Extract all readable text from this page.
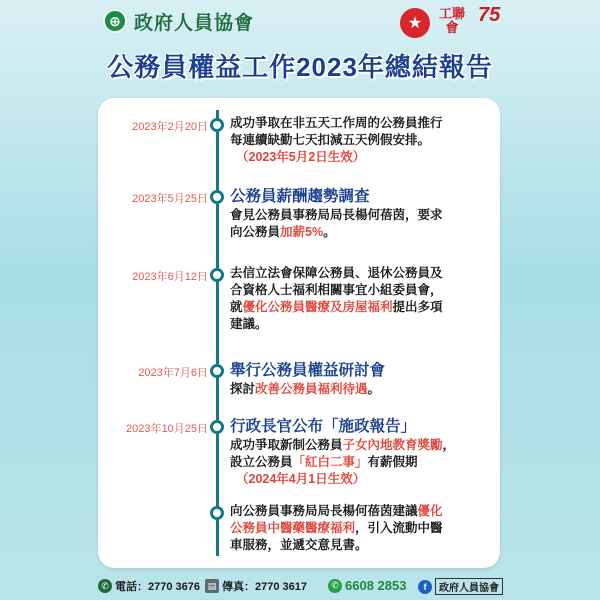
⊕ 政府人員協會	★
工聯會
75
公務員權益工作2023年總結報告
2023年2月20日 成功爭取在非五天工作周的公務員推行
每連續缺勤七天扣減五天例假安排。
（2023年5月2日生效）
2023年5月25日 公務員薪酬趨勢調查
會見公務員事務局局長楊何蓓茵，要求
向公務員加薪5%。
2023年6月12日 去信立法會保障公務員、退休公務員及
合資格人士福利相關事宜小組委員會，
就優化公務員醫療及房屋福利提出多項
建議。
2023年7月6日 舉行公務員權益研討會
探討改善公務員福利待遇。
2023年10月25日 行政長官公布「施政報告」
成功爭取新制公務員子女內地教育獎勵，
設立公務員「紅白二事」有薪假期
（2024年4月1日生效）
向公務員事務局局長楊何蓓茵建議優化
公務員中醫藥醫療福利，引入流動中醫
車服務，並遞交意見書。
✆ 電話：2770 3676 ▤ 傳真：2770 3617	✆ 6608 2853	f	政府人員協會
